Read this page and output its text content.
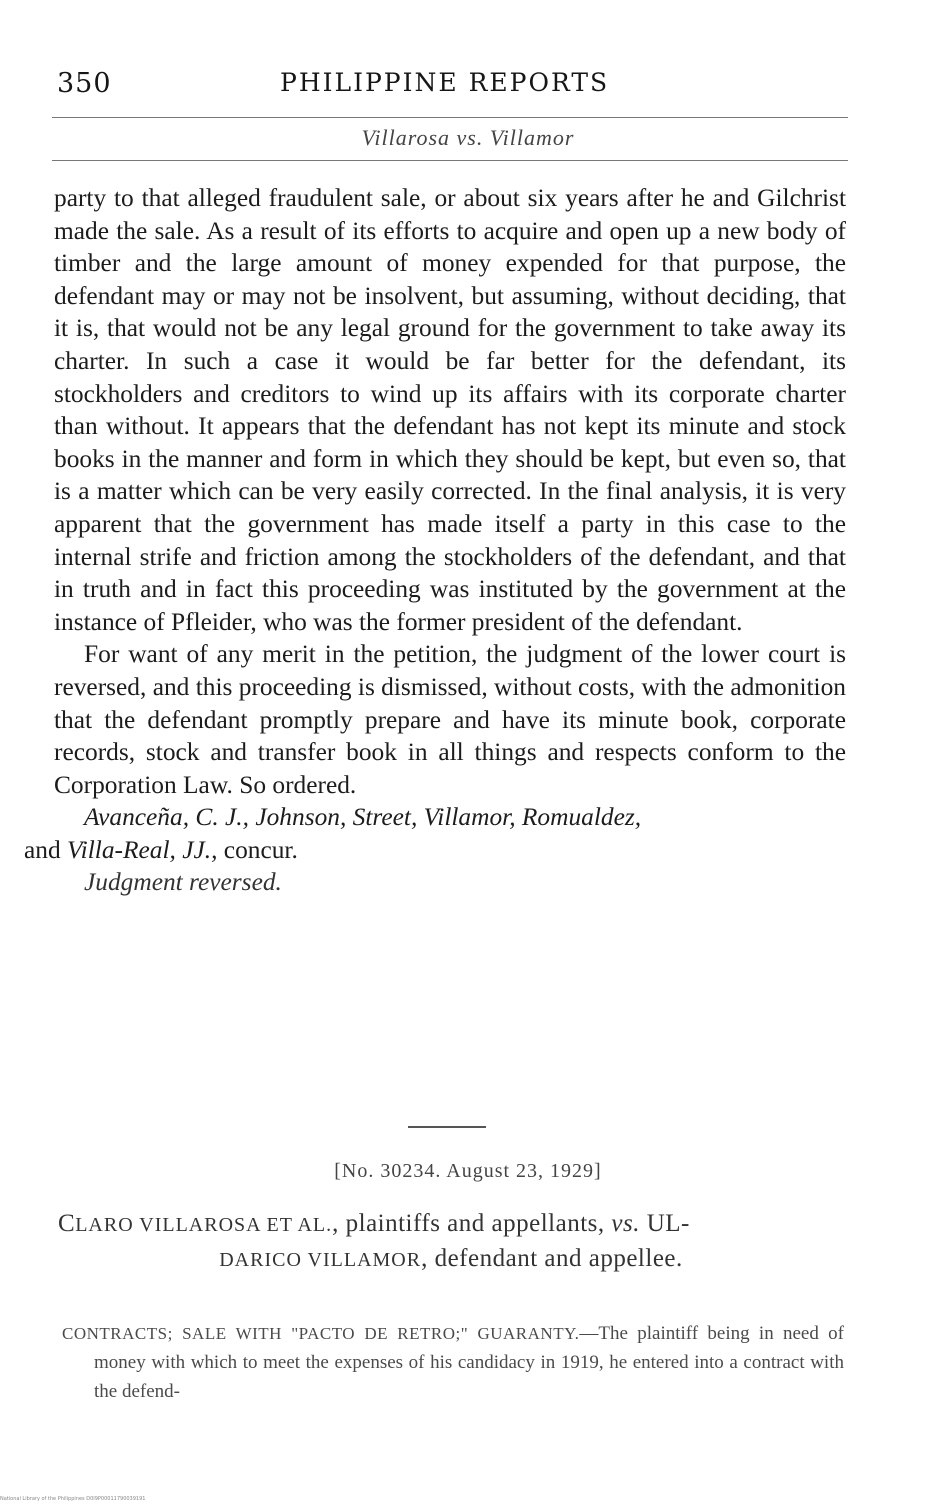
350	PHILIPPINE REPORTS
Villarosa vs. Villamor

party to that alleged fraudulent sale, or about six years after he and Gilchrist made the sale. As a result of its efforts to acquire and open up a new body of timber and the large amount of money expended for that purpose, the defendant may or may not be insolvent, but assuming, without deciding, that it is, that would not be any legal ground for the government to take away its charter. In such a case it would be far better for the defendant, its stockholders and creditors to wind up its affairs with its corporate charter than without. It appears that the defendant has not kept its minute and stock books in the manner and form in which they should be kept, but even so, that is a matter which can be very easily corrected. In the final analysis, it is very apparent that the government has made itself a party in this case to the internal strife and friction among the stockholders of the defendant, and that in truth and in fact this proceeding was instituted by the government at the instance of Pfleider, who was the former president of the defendant.

For want of any merit in the petition, the judgment of the lower court is reversed, and this proceeding is dismissed, without costs, with the admonition that the defendant promptly prepare and have its minute book, corporate records, stock and transfer book in all things and respects conform to the Corporation Law. So ordered.

Avanceña, C. J., Johnson, Street, Villamor, Romualdez,
and Villa-Real, JJ., concur.

Judgment reversed.

[No. 30234. August 23, 1929]
CLARO VILLAROSA ET AL., plaintiffs and appellants, vs. UL-
DARICO VILLAMOR, defendant and appellee.

CONTRACTS; SALE WITH "PACTO DE RETRO;" GUARANTY.—The plaintiff being in need of money with which to meet the expenses of his candidacy in 1919, he entered into a contract with the defend-

National Library of the Philippines D0I9P00011790039191
